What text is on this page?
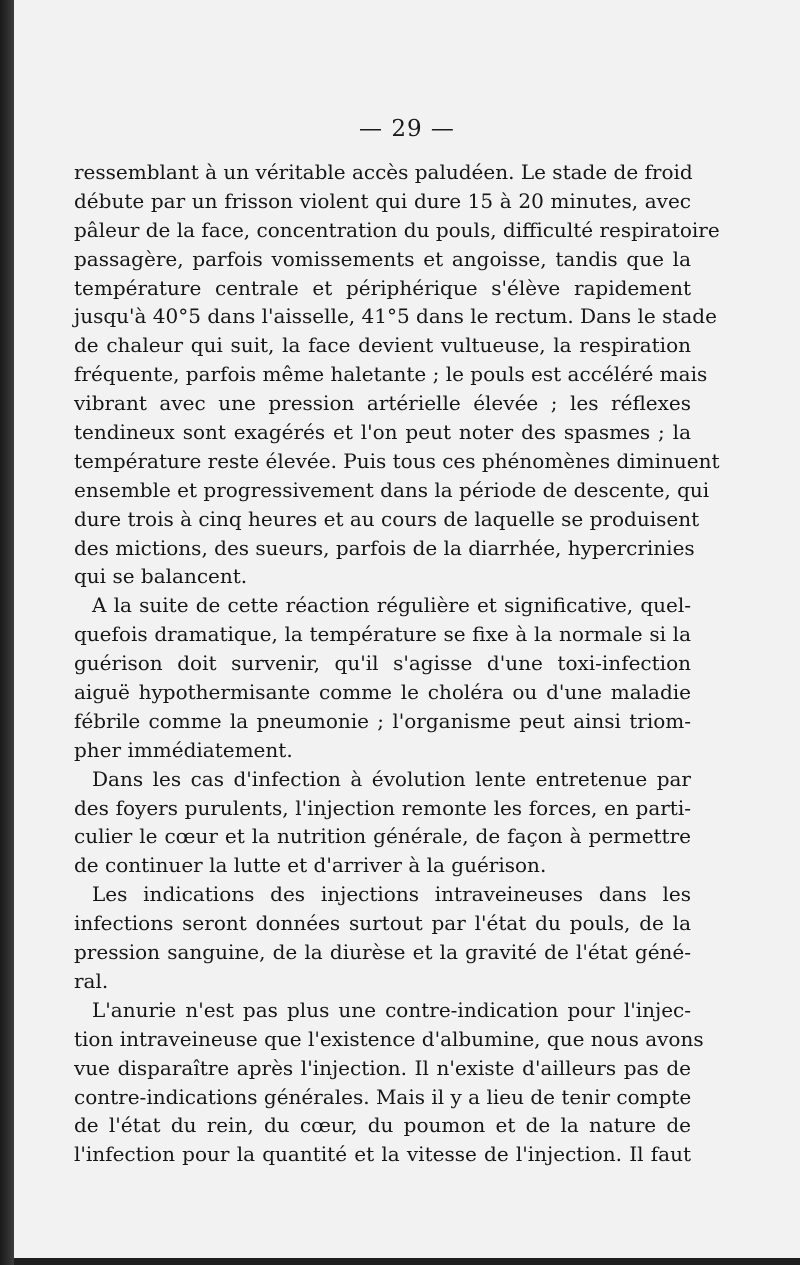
— 29 —
ressemblant à un véritable accès paludéen. Le stade de froid
débute par un frisson violent qui dure 15 à 20 minutes, avec
pâleur de la face, concentration du pouls, difficulté respiratoire
passagère, parfois vomissements et angoisse, tandis que la
température centrale et périphérique s'élève rapidement
jusqu'à 40°5 dans l'aisselle, 41°5 dans le rectum. Dans le stade
de chaleur qui suit, la face devient vultueuse, la respiration
fréquente, parfois même haletante ; le pouls est accéléré mais
vibrant avec une pression artérielle élevée ; les réflexes
tendineux sont exagérés et l'on peut noter des spasmes ; la
température reste élevée. Puis tous ces phénomènes diminuent
ensemble et progressivement dans la période de descente, qui
dure trois à cinq heures et au cours de laquelle se produisent
des mictions, des sueurs, parfois de la diarrhée, hypercrinies
qui se balancent.
A la suite de cette réaction régulière et significative, quel-
quefois dramatique, la température se fixe à la normale si la
guérison doit survenir, qu'il s'agisse d'une toxi-infection
aiguë hypothermisante comme le choléra ou d'une maladie
fébrile comme la pneumonie ; l'organisme peut ainsi triom-
pher immédiatement.
Dans les cas d'infection à évolution lente entretenue par
des foyers purulents, l'injection remonte les forces, en parti-
culier le cœur et la nutrition générale, de façon à permettre
de continuer la lutte et d'arriver à la guérison.
Les indications des injections intraveineuses dans les
infections seront données surtout par l'état du pouls, de la
pression sanguine, de la diurèse et la gravité de l'état géné-
ral.
L'anurie n'est pas plus une contre-indication pour l'injec-
tion intraveineuse que l'existence d'albumine, que nous avons
vue disparaître après l'injection. Il n'existe d'ailleurs pas de
contre-indications générales. Mais il y a lieu de tenir compte
de l'état du rein, du cœur, du poumon et de la nature de
l'infection pour la quantité et la vitesse de l'injection. Il faut
